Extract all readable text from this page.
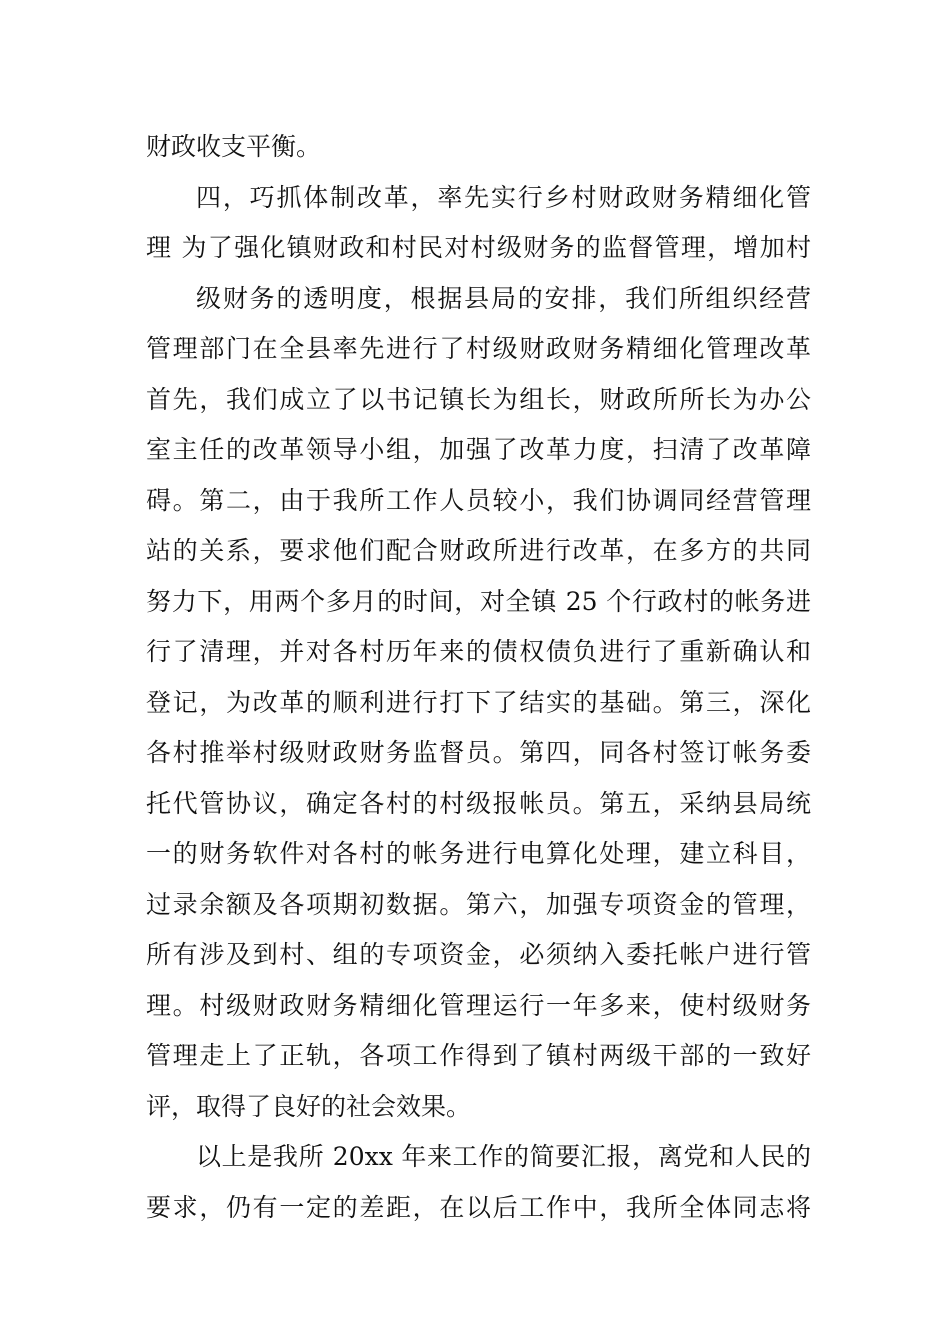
财政收支平衡。
四，巧抓体制改革，率先实行乡村财政财务精细化管
理 为了强化镇财政和村民对村级财务的监督管理，增加村
级财务的透明度，根据县局的安排，我们所组织经营
管理部门在全县率先进行了村级财政财务精细化管理改革
首先，我们成立了以书记镇长为组长，财政所所长为办公
室主任的改革领导小组，加强了改革力度，扫清了改革障
碍。第二，由于我所工作人员较小，我们协调同经营管理
站的关系，要求他们配合财政所进行改革，在多方的共同
努力下，用两个多月的时间，对全镇 25 个行政村的帐务进
行了清理，并对各村历年来的债权债负进行了重新确认和
登记，为改革的顺利进行打下了结实的基础。第三，深化
各村推举村级财政财务监督员。第四，同各村签订帐务委
托代管协议，确定各村的村级报帐员。第五，采纳县局统
一的财务软件对各村的帐务进行电算化处理，建立科目，
过录余额及各项期初数据。第六，加强专项资金的管理，
所有涉及到村、组的专项资金，必须纳入委托帐户进行管
理。村级财政财务精细化管理运行一年多来，使村级财务
管理走上了正轨，各项工作得到了镇村两级干部的一致好
评，取得了良好的社会效果。
以上是我所 20xx 年来工作的简要汇报，离党和人民的
要求，仍有一定的差距，在以后工作中，我所全体同志将
